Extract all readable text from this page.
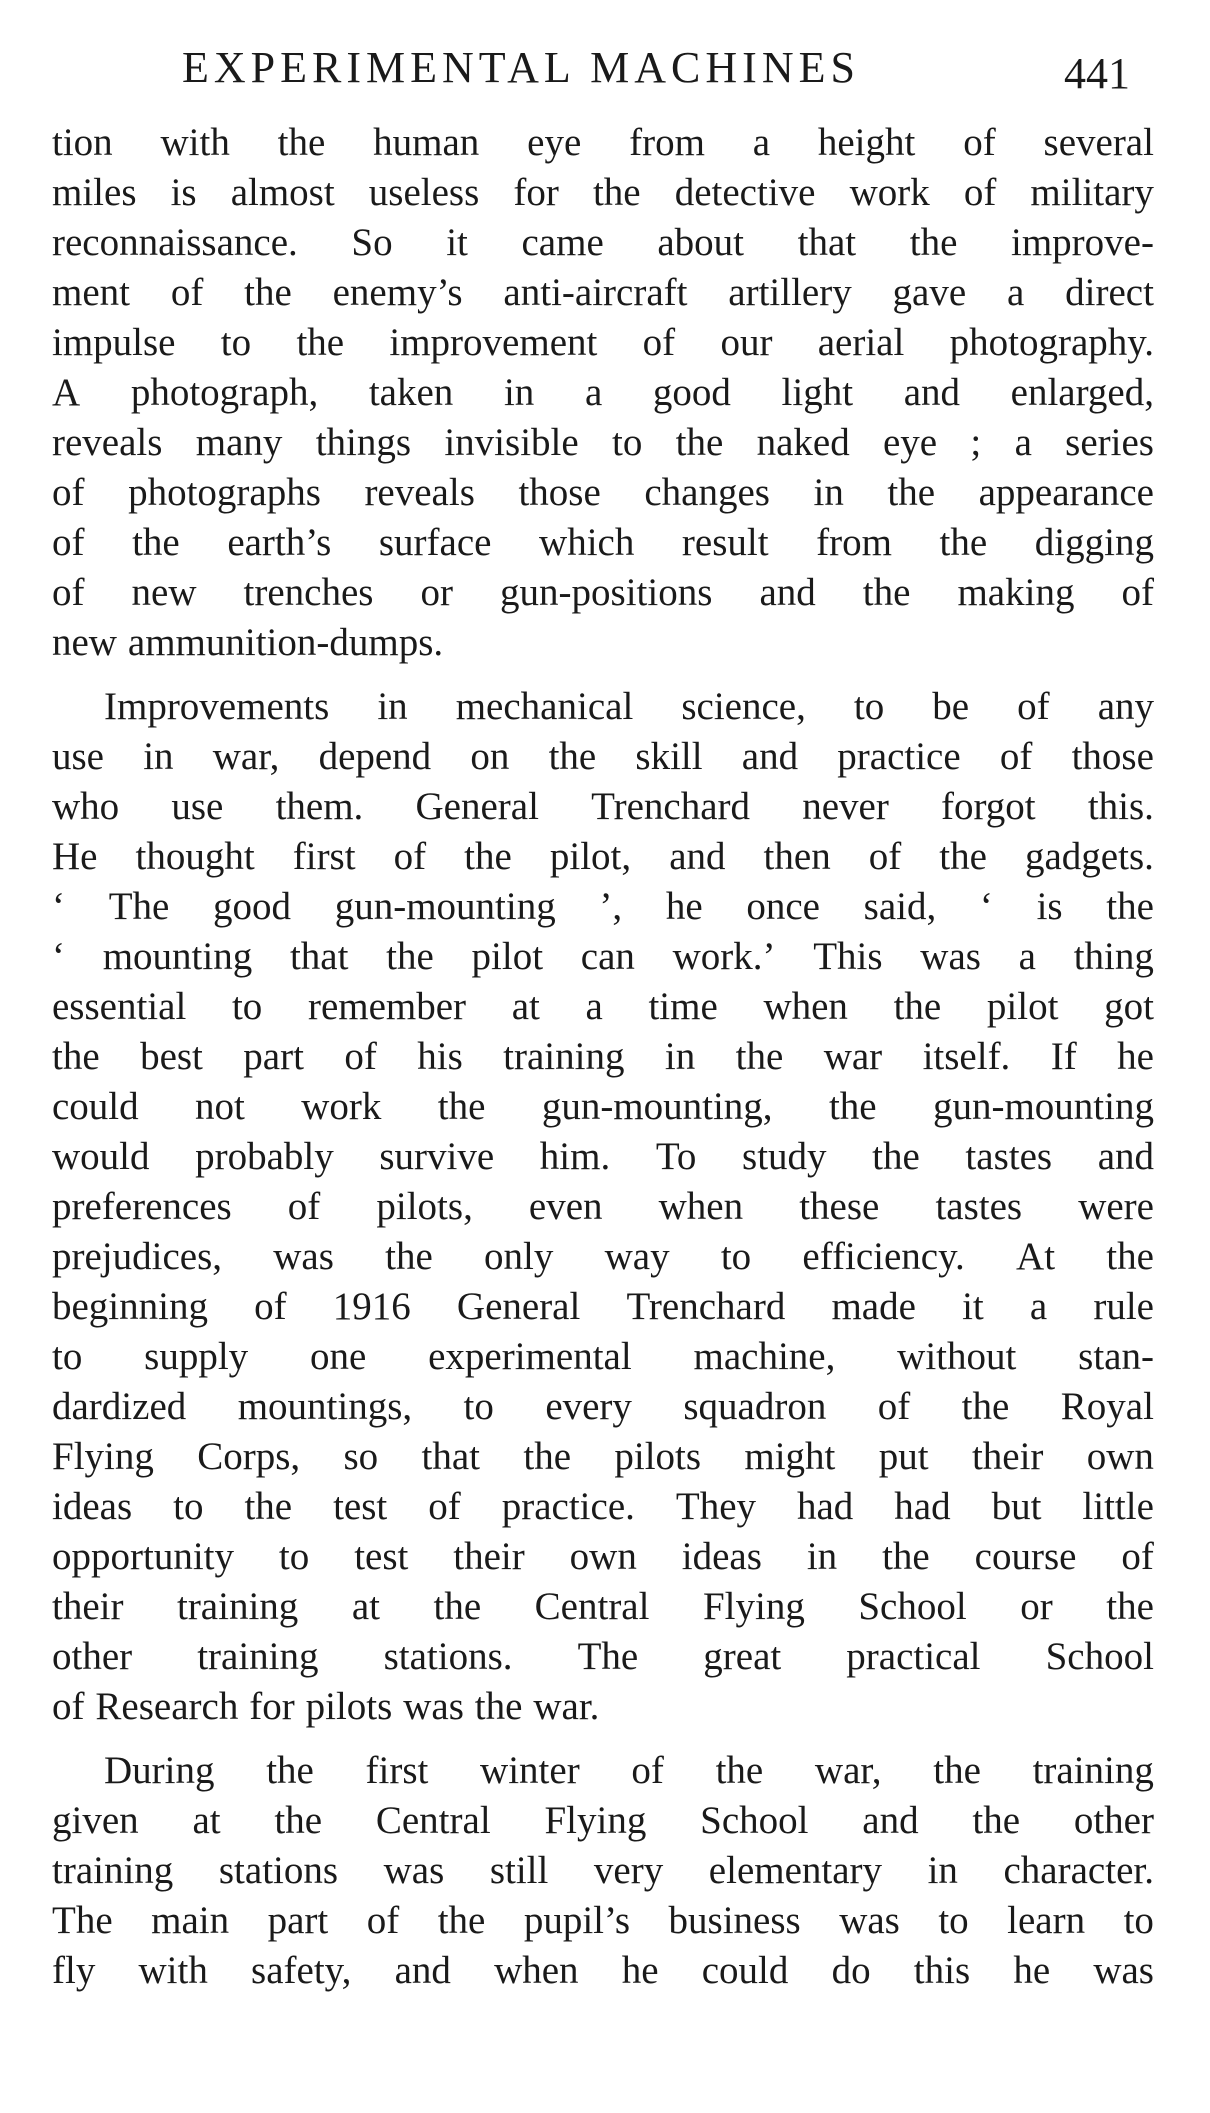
EXPERIMENTAL MACHINES	441
tion with the human eye from a height of several
miles is almost useless for the detective work of military
reconnaissance. So it came about that the improve-
ment of the enemy’s anti-aircraft artillery gave a direct
impulse to the improvement of our aerial photography.
A photograph, taken in a good light and enlarged,
reveals many things invisible to the naked eye ; a series
of photographs reveals those changes in the appearance
of the earth’s surface which result from the digging
of new trenches or gun-positions and the making of
new ammunition-dumps.
Improvements in mechanical science, to be of any
use in war, depend on the skill and practice of those
who use them. General Trenchard never forgot this.
He thought first of the pilot, and then of the gadgets.
‘ The good gun-mounting ’, he once said, ‘ is the
‘ mounting that the pilot can work.’ This was a thing
essential to remember at a time when the pilot got
the best part of his training in the war itself. If he
could not work the gun-mounting, the gun-mounting
would probably survive him. To study the tastes and
preferences of pilots, even when these tastes were
prejudices, was the only way to efficiency. At the
beginning of 1916 General Trenchard made it a rule
to supply one experimental machine, without stan-
dardized mountings, to every squadron of the Royal
Flying Corps, so that the pilots might put their own
ideas to the test of practice. They had had but little
opportunity to test their own ideas in the course of
their training at the Central Flying School or the
other training stations. The great practical School
of Research for pilots was the war.
During the first winter of the war, the training
given at the Central Flying School and the other
training stations was still very elementary in character.
The main part of the pupil’s business was to learn to
fly with safety, and when he could do this he was
